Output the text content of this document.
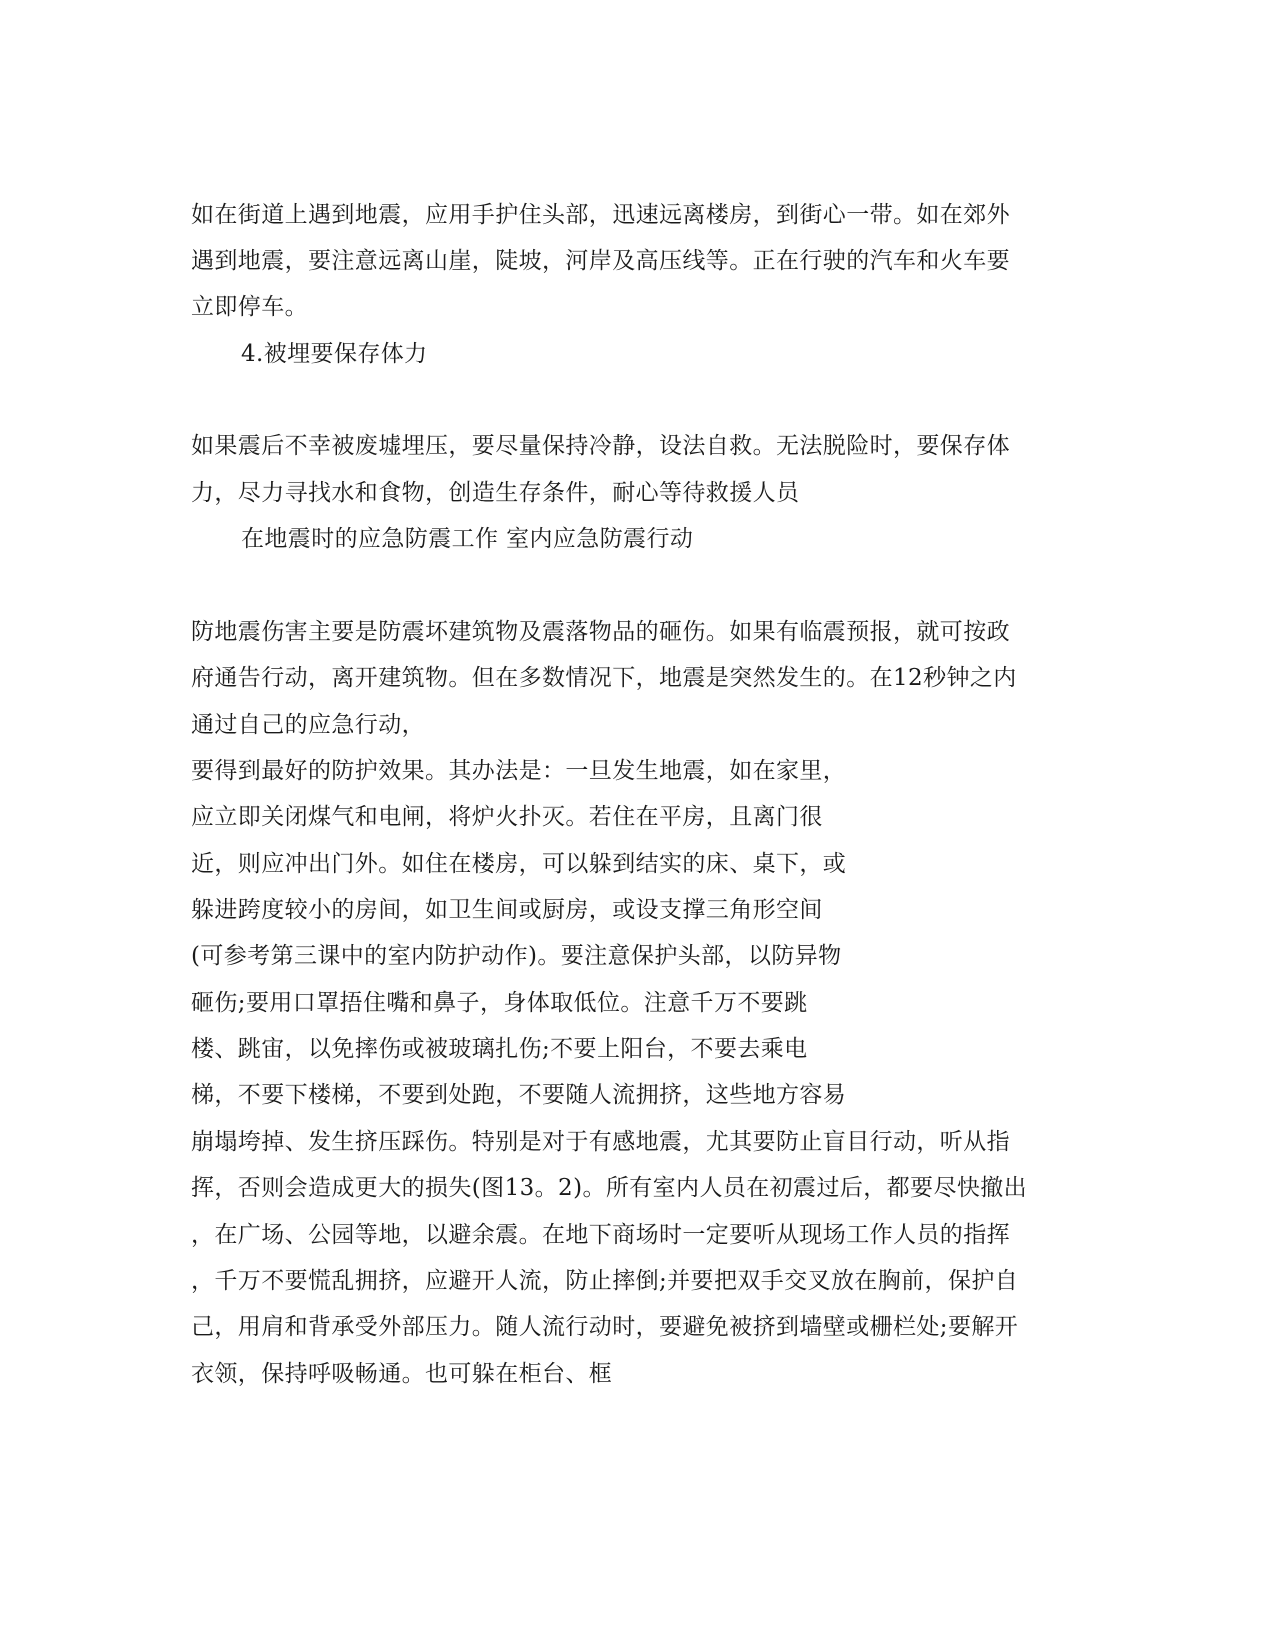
如在街道上遇到地震，应用手护住头部，迅速远离楼房，到街心一带。如在郊外

遇到地震，要注意远离山崖，陡坡，河岸及高压线等。正在行驶的汽车和火车要

立即停车。

4.被埋要保存体力

如果震后不幸被废墟埋压，要尽量保持冷静，设法自救。无法脱险时，要保存体

力，尽力寻找水和食物，创造生存条件，耐心等待救援人员

在地震时的应急防震工作 室内应急防震行动

防地震伤害主要是防震坏建筑物及震落物品的砸伤。如果有临震预报，就可按政

府通告行动，离开建筑物。但在多数情况下，地震是突然发生的。在12秒钟之内

通过自己的应急行动，

要得到最好的防护效果。其办法是：一旦发生地震，如在家里，

应立即关闭煤气和电闸，将炉火扑灭。若住在平房，且离门很

近，则应冲出门外。如住在楼房，可以躲到结实的床、桌下，或

躲进跨度较小的房间，如卫生间或厨房，或设支撑三角形空间

(可参考第三课中的室内防护动作)。要注意保护头部，以防异物

砸伤;要用口罩捂住嘴和鼻子，身体取低位。注意千万不要跳

楼、跳宙，以免摔伤或被玻璃扎伤;不要上阳台，不要去乘电

梯，不要下楼梯，不要到处跑，不要随人流拥挤，这些地方容易

崩塌垮掉、发生挤压踩伤。特别是对于有感地震，尤其要防止盲目行动，听从指

挥，否则会造成更大的损失(图13。2)。所有室内人员在初震过后，都要尽快撤出

，在广场、公园等地，以避余震。在地下商场时一定要听从现场工作人员的指挥

，千万不要慌乱拥挤，应避开人流，防止摔倒;并要把双手交叉放在胸前，保护自

己，用肩和背承受外部压力。随人流行动时，要避免被挤到墙壁或栅栏处;要解开

衣领，保持呼吸畅通。也可躲在柜台、框
